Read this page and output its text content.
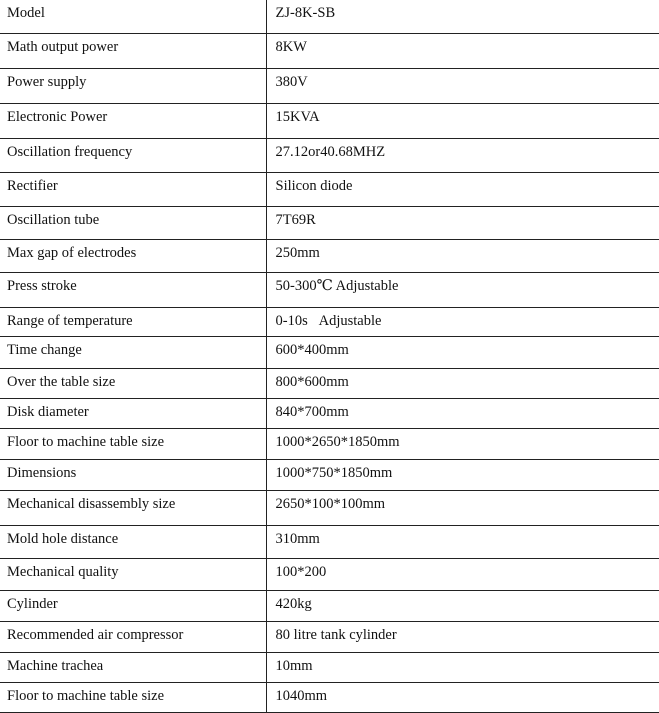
Model	ZJ-8K-SB

Math output power	8KW

Power supply	380V

Electronic Power	15KVA

Oscillation frequency	27.12or40.68MHZ

Rectifier	Silicon diode

Oscillation tube	7T69R

Max gap of electrodes	250mm

Press stroke	50-300℃ Adjustable

Range of temperature	0-10s   Adjustable

Time change	600*400mm

Over the table size	800*600mm

Disk diameter	840*700mm

Floor to machine table size	1000*2650*1850mm

Dimensions	1000*750*1850mm

Mechanical disassembly size	2650*100*100mm

Mold hole distance	310mm

Mechanical quality	100*200

Cylinder	420kg

Recommended air compressor	80 litre tank cylinder

Machine trachea	10mm

Floor to machine table size	1040mm
